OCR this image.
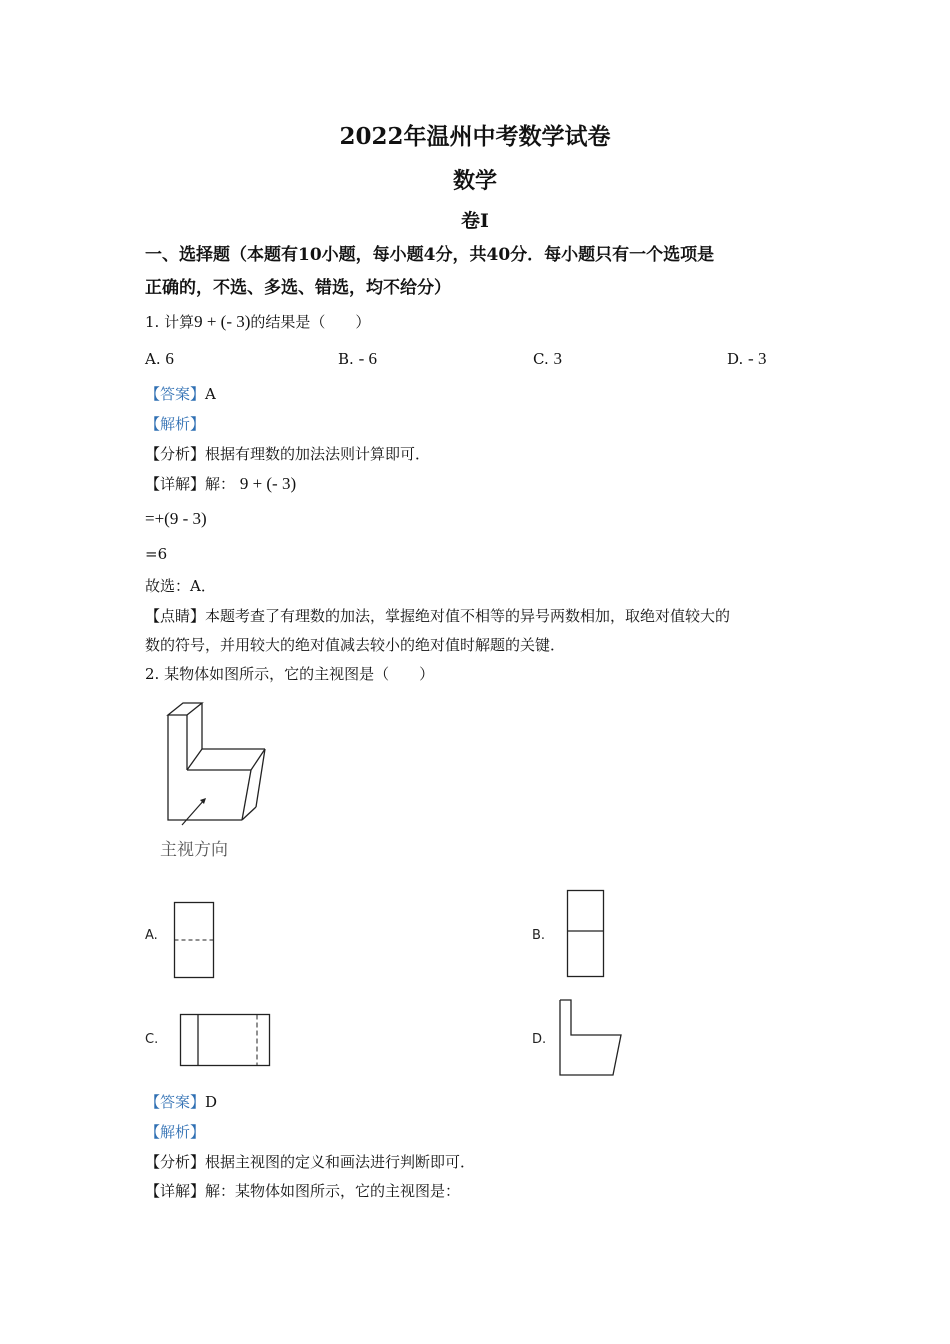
2022年温州中考数学试卷
数学
卷Ⅰ
一、选择题（本题有10小题，每小题4分，共40分．每小题只有一个选项是
正确的，不选、多选、错选，均不给分）
1. 计算9 + (- 3)的结果是（　　）
A. 6	B. - 6	C. 3	D. - 3
【答案】A
【解析】
【分析】根据有理数的加法法则计算即可．
【详解】解： 9 + (- 3)
=+(9 - 3)
=6
故选：A．
【点睛】本题考查了有理数的加法，掌握绝对值不相等的异号两数相加，取绝对值较大的
数的符号，并用较大的绝对值减去较小的绝对值时解题的关键．
2. 某物体如图所示，它的主视图是（　　）
主视方向
A.	B.
C.	D.
【答案】D
【解析】
【分析】根据主视图的定义和画法进行判断即可．
【详解】解：某物体如图所示，它的主视图是：
